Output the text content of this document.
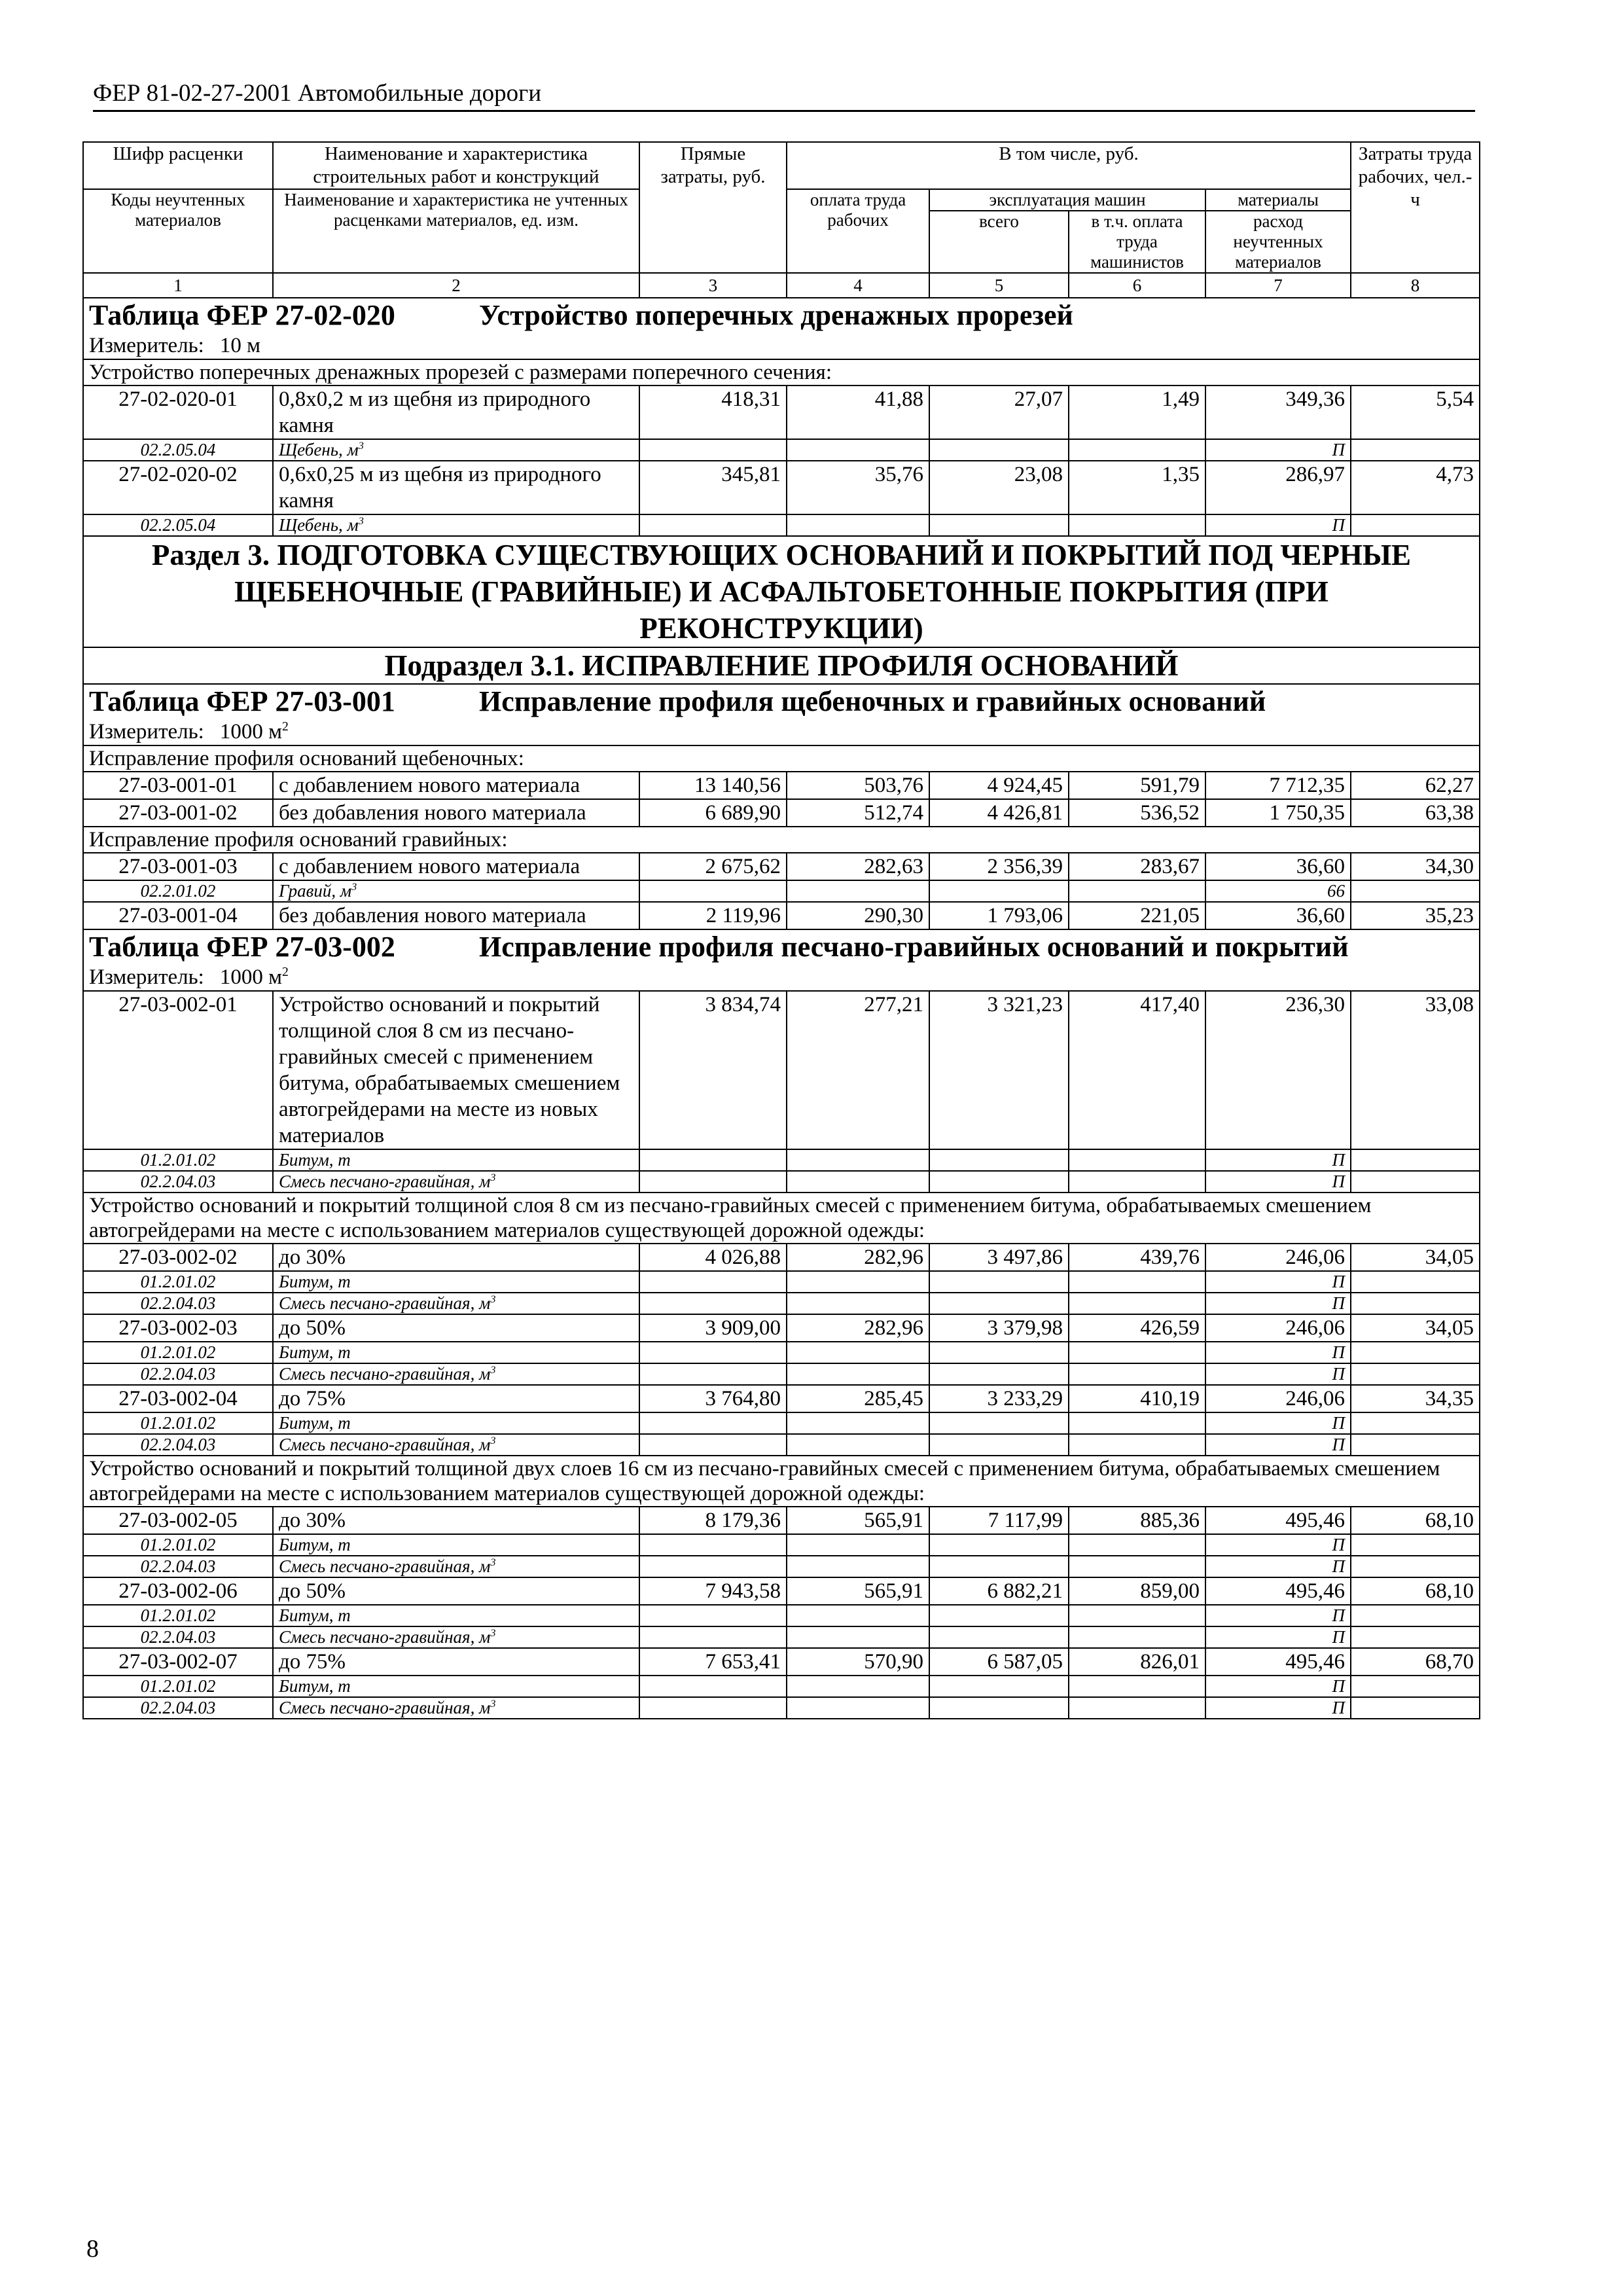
ФЕР 81-02-27-2001 Автомобильные дороги
Шифр расценки	Наименование и характеристика строительных работ и конструкций	Прямые затраты, руб.	В том числе, руб.				Затраты труда рабочих, чел.-ч

Коды неучтенных материалов	Наименование и характеристика не учтенных расценками материалов, ед. изм.		оплата труда рабочих	эксплуатация машин		материалы	
				всего	в т.ч. оплата труда машинистов	расход неучтенных материалов	

1	2	3	4	5	6	7	8

Таблица ФЕР 27-02-020 Устройство поперечных дренажных прорезей							

Измеритель: 10 м							
Устройство поперечных дренажных прорезей с размерами поперечного сечения:							
27-02-020-01	0,8x0,2 м из щебня из природного камня	418,31	41,88	27,07	1,49	349,36	5,54
02.2.05.04	Щебень, $м^3$					П	
27-02-020-02	0,6x0,25 м из щебня из природного камня	345,81	35,76	23,08	1,35	286,97	4,73
02.2.05.04	Щебень, $м^3$					П	
Раздел 3. ПОДГОТОВКА СУЩЕСТВУЮЩИХ ОСНОВАНИЙ И ПОКРЫТИЙ ПОД ЧЕРНЫЕ ЩЕБЕНОЧНЫЕ (ГРАВИЙНЫЕ) И АСФАЛЬТОБЕТОННЫЕ ПОКРЫТИЯ (ПРИ РЕКОНСТРУКЦИИ)							
Подраздел 3.1. ИСПРАВЛЕНИЕ ПРОФИЛЯ ОСНОВАНИЙ							

Таблица ФЕР 27-03-001 Исправление профиля щебеночных и гравийных оснований							

Измеритель: 1000 $м^2$
Исправление профиля оснований щебеночных:							
27-03-001-01	с добавлением нового материала	13 140,56	503,76	4 924,45	591,79	7 712,35	62,27
27-03-001-02	без добавления нового материала	6 689,90	512,74	4 426,81	536,52	1 750,35	63,38
Исправление профиля оснований гравийных:							
27-03-001-03	с добавлением нового материала	2 675,62	282,63	2 356,39	283,67	36,60	34,30
02.2.01.02	Гравий, $м^3$					66	
27-03-001-04	без добавления нового материала	2 119,96	290,30	1 793,06	221,05	36,60	35,23

Таблица ФЕР 27-03-002 Исправление профиля песчано-гравийных оснований и покрытий							

Измеритель: 1000 $м^2$
27-03-002-01	Устройство оснований и покрытий толщиной слоя 8 см из песчано-гравийных смесей с применением битума, обрабатываемых смешением автогрейдерами на месте из новых материалов	3 834,74	277,21	3 321,23	417,40	236,30	33,08
01.2.01.02	Битум, т					П	
02.2.04.03	Смесь песчано-гравийная, $м^3$					П	
Устройство оснований и покрытий толщиной слоя 8 см из песчано-гравийных смесей с применением битума, обрабатываемых смешением автогрейдерами на месте с использованием материалов существующей дорожной одежды:							
27-03-002-02	до 30%	4 026,88	282,96	3 497,86	439,76	246,06	34,05
01.2.01.02	Битум, т					П	
02.2.04.03	Смесь песчано-гравийная, $м^3$					П	
27-03-002-03	до 50%	3 909,00	282,96	3 379,98	426,59	246,06	34,05
01.2.01.02	Битум, т					П	
02.2.04.03	Смесь песчано-гравийная, $м^3$					П	
27-03-002-04	до 75%	3 764,80	285,45	3 233,29	410,19	246,06	34,35
01.2.01.02	Битум, т					П	
02.2.04.03	Смесь песчано-гравийная, $м^3$					П	
Устройство оснований и покрытий толщиной двух слоев 16 см из песчано-гравийных смесей с применением битума, обрабатываемых смешением автогрейдерами на месте с использованием материалов существующей дорожной одежды:							
27-03-002-05	до 30%	8 179,36	565,91	7 117,99	885,36	495,46	68,10
01.2.01.02	Битум, т					П	
02.2.04.03	Смесь песчано-гравийная, $м^3$					П	
27-03-002-06	до 50%	7 943,58	565,91	6 882,21	859,00	495,46	68,10
01.2.01.02	Битум, т					П	
02.2.04.03	Смесь песчано-гравийная, $м^3$					П	
27-03-002-07	до 75%	7 653,41	570,90	6 587,05	826,01	495,46	68,70
01.2.01.02	Битум, т					П	
02.2.04.03	Смесь песчано-гравийная, $м^3$					П	
8
